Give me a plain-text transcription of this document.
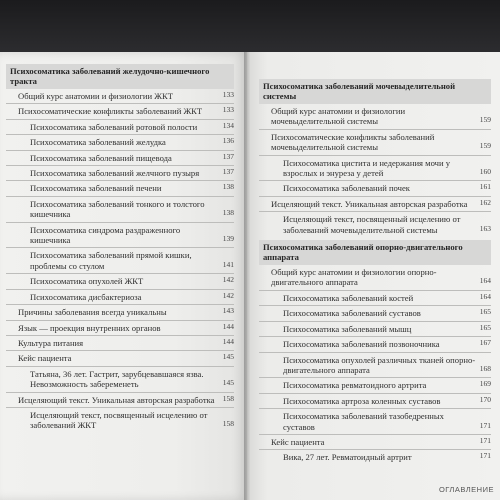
Психосоматика заболеваний желудочно-кишечного тракта
Общий курс анатомии и физиологии ЖКТ	133
Психосоматические конфликты заболеваний ЖКТ	133
Психосоматика заболеваний ротовой полости	134
Психосоматика заболеваний желудка	136
Психосоматика заболеваний пищевода	137
Психосоматика заболеваний желчного пузыря	137
Психосоматика заболеваний печени	138
Психосоматика заболеваний тонкого и толстого кишечника	138
Психосоматика синдрома раздраженного кишечника	139
Психосоматика заболеваний прямой кишки, проблемы со стулом	141
Психосоматика опухолей ЖКТ	142
Психосоматика дисбактериоза	142
Причины заболевания всегда уникальны	143
Язык — проекция внутренних органов	144
Культура питания	144
Кейс пациента	145
Татьяна, 36 лет. Гастрит, зарубцевавшаяся язва. Невозможность забеременеть	145
Исцеляющий текст. Уникальная авторская разработка	158
Исцеляющий текст, посвященный исцелению от заболеваний ЖКТ	158
Психосоматика заболеваний мочевыделительной системы
Общий курс анатомии и физиологии мочевыделительной системы	159
Психосоматические конфликты заболеваний мочевыделительной системы	159
Психосоматика цистита и недержания мочи у взрослых и энуреза у детей	160
Психосоматика заболеваний почек	161
Исцеляющий текст. Уникальная авторская разработка	162
Исцеляющий текст, посвященный исцелению от заболеваний мочевыделительной системы	163
Психосоматика заболеваний опорно-двигательного аппарата
Общий курс анатомии и физиологии опорно-двигательного аппарата	164
Психосоматика заболеваний костей	164
Психосоматика заболеваний суставов	165
Психосоматика заболеваний мышц	165
Психосоматика заболеваний позвоночника	167
Психосоматика опухолей различных тканей опорно-двигательного аппарата	168
Психосоматика ревматоидного артрита	169
Психосоматика артроза коленных суставов	170
Психосоматика заболеваний тазобедренных суставов	171
Кейс пациента	171
Вика, 27 лет. Ревматоидный артрит	171
ОГЛАВЛЕНИЕ
